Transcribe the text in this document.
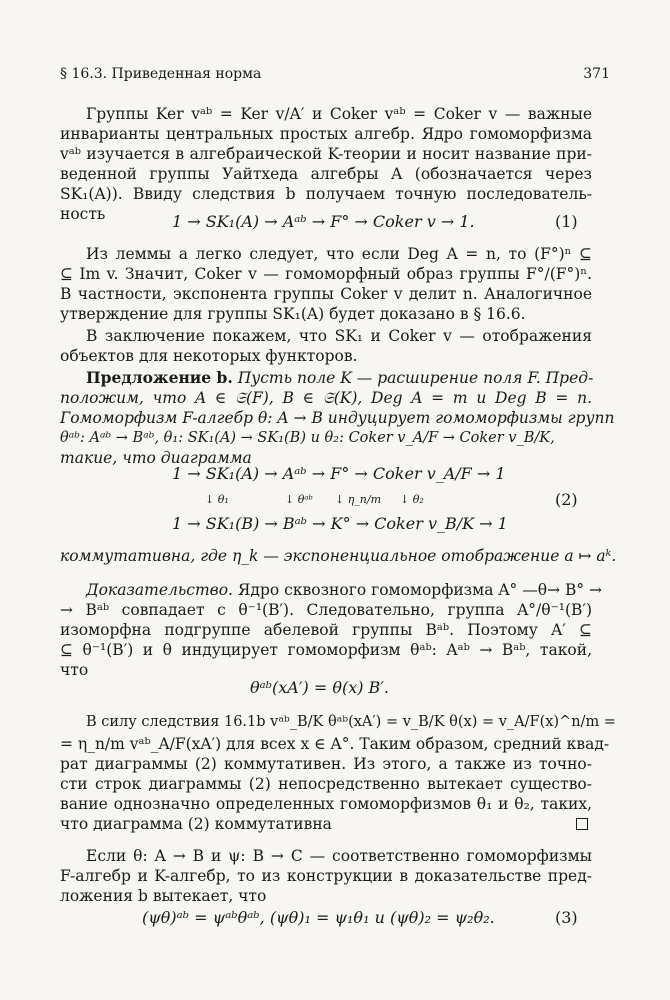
§ 16.3. Приведенная норма	371
Группы Ker vᵃᵇ = Ker v/A′ и Coker vᵃᵇ = Coker v — важные
инварианты центральных простых алгебр. Ядро гомоморфизма
vᵃᵇ изучается в алгебраической K-теории и носит название при-
веденной группы Уайтхеда алгебры A (обозначается через
SK₁(A)). Ввиду следствия b получаем точную последователь-
ность	1 → SK₁(A) → Aᵃᵇ → F° → Coker v → 1.	(1)
Из леммы a легко следует, что если Deg A = n, то (F°)ⁿ ⊆
⊆ Im v. Значит, Coker v — гомоморфный образ группы F°/(F°)ⁿ.
В частности, экспонента группы Coker v делит n. Аналогичное
утверждение для группы SK₁(A) будет доказано в § 16.6.
В заключение покажем, что SK₁ и Coker v — отображения
объектов для некоторых функторов.
Предложение b. Пусть поле K — расширение поля F. Пред-
положим, что A ∈ 𝔖(F), B ∈ 𝔖(K), Deg A = m и Deg B = n.
Гомоморфизм F-алгебр θ: A → B индуцирует гомоморфизмы групп
θᵃᵇ: Aᵃᵇ → Bᵃᵇ, θ₁: SK₁(A) → SK₁(B) и θ₂: Coker v_A/F → Coker v_B/K,
такие, что диаграмма
1 → SK₁(A) → Aᵃᵇ → F° → Coker v_A/F → 1
↓ θ₁	↓ θᵃᵇ ↓ η_n/m ↓ θ₂
1 → SK₁(B) → Bᵃᵇ → K° → Coker v_B/K → 1
(2)
коммутативна, где η_k — экспоненциальное отображение a ↦ aᵏ.
Доказательство. Ядро сквозного гомоморфизма A° —θ→ B° →
→ Bᵃᵇ совпадает с θ⁻¹(B′). Следовательно, группа A°/θ⁻¹(B′)
изоморфна подгруппе абелевой группы Bᵃᵇ. Поэтому A′ ⊆
⊆ θ⁻¹(B′) и θ индуцирует гомоморфизм θᵃᵇ: Aᵃᵇ → Bᵃᵇ, такой,
что
θᵃᵇ(xA′) = θ(x) B′.
В силу следствия 16.1b vᵃᵇ_B/K θᵃᵇ(xA′) = v_B/K θ(x) = v_A/F(x)^n/m =
= η_n/m vᵃᵇ_A/F(xA′) для всех x ∈ A°. Таким образом, средний квад-
рат диаграммы (2) коммутативен. Из этого, а также из точно-
сти строк диаграммы (2) непосредственно вытекает существо-
вание однозначно определенных гомоморфизмов θ₁ и θ₂, таких,
что диаграмма (2) коммутативна
Если θ: A → B и ψ: B → C — соответственно гомоморфизмы
F-алгебр и K-алгебр, то из конструкции в доказательстве пред-
ложения b вытекает, что
(ψθ)ᵃᵇ = ψᵃᵇθᵃᵇ, (ψθ)₁ = ψ₁θ₁ и (ψθ)₂ = ψ₂θ₂.	(3)
